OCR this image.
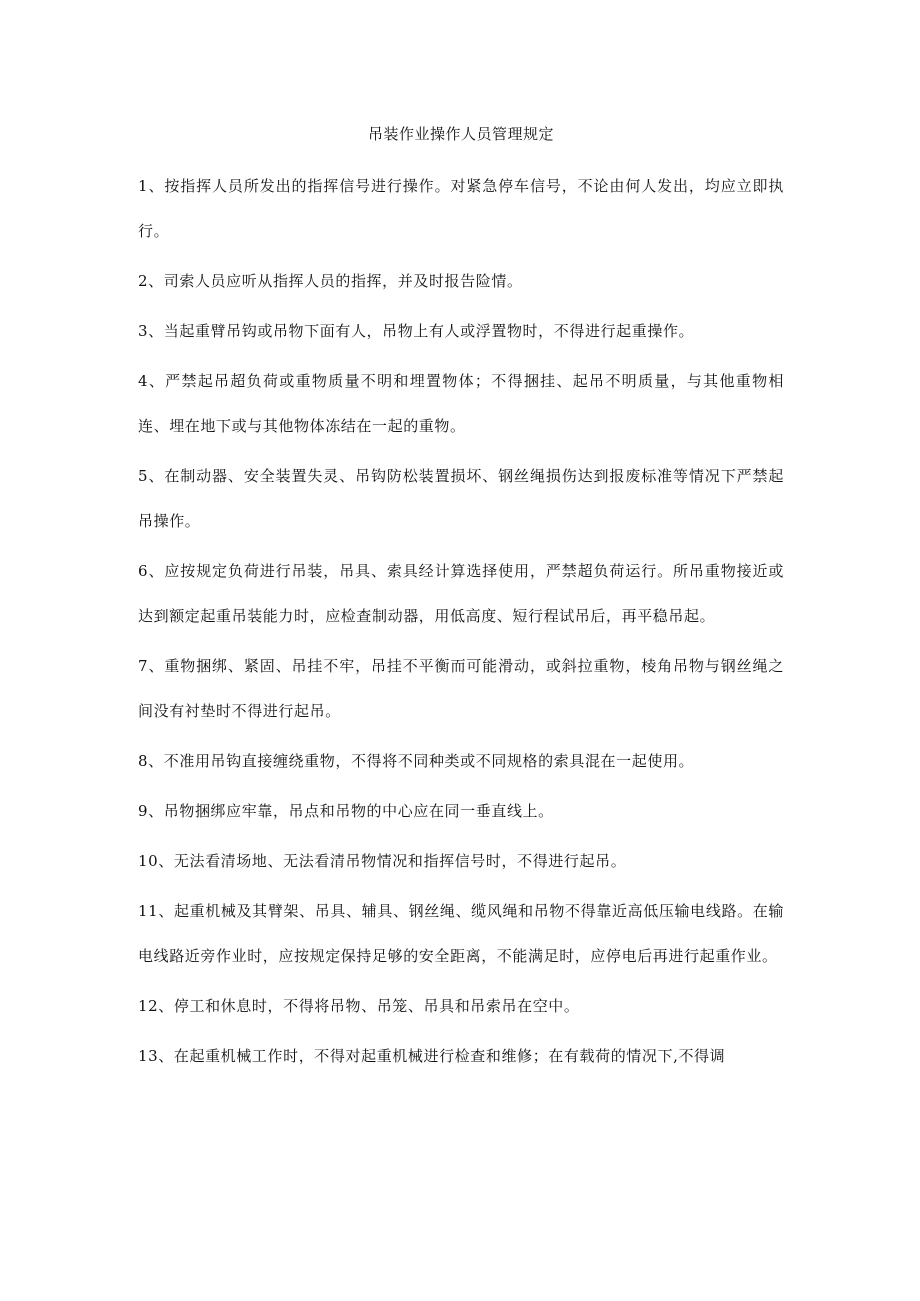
吊装作业操作人员管理规定

1、按指挥人员所发出的指挥信号进行操作。对紧急停车信号，不论由何人发出，均应立即执行。

2、司索人员应听从指挥人员的指挥，并及时报告险情。

3、当起重臂吊钩或吊物下面有人，吊物上有人或浮置物时，不得进行起重操作。

4、严禁起吊超负荷或重物质量不明和埋置物体；不得捆挂、起吊不明质量，与其他重物相连、埋在地下或与其他物体冻结在一起的重物。

5、在制动器、安全装置失灵、吊钩防松装置损坏、钢丝绳损伤达到报废标准等情况下严禁起吊操作。

6、应按规定负荷进行吊装，吊具、索具经计算选择使用，严禁超负荷运行。所吊重物接近或达到额定起重吊装能力时，应检查制动器，用低高度、短行程试吊后，再平稳吊起。

7、重物捆绑、紧固、吊挂不牢，吊挂不平衡而可能滑动，或斜拉重物，棱角吊物与钢丝绳之间没有衬垫时不得进行起吊。

8、不准用吊钩直接缠绕重物，不得将不同种类或不同规格的索具混在一起使用。

9、吊物捆绑应牢靠，吊点和吊物的中心应在同一垂直线上。

10、无法看清场地、无法看清吊物情况和指挥信号时，不得进行起吊。

11、起重机械及其臂架、吊具、辅具、钢丝绳、缆风绳和吊物不得靠近高低压输电线路。在输电线路近旁作业时，应按规定保持足够的安全距离，不能满足时，应停电后再进行起重作业。

12、停工和休息时，不得将吊物、吊笼、吊具和吊索吊在空中。

13、在起重机械工作时，不得对起重机械进行检查和维修；在有载荷的情况下,不得调
